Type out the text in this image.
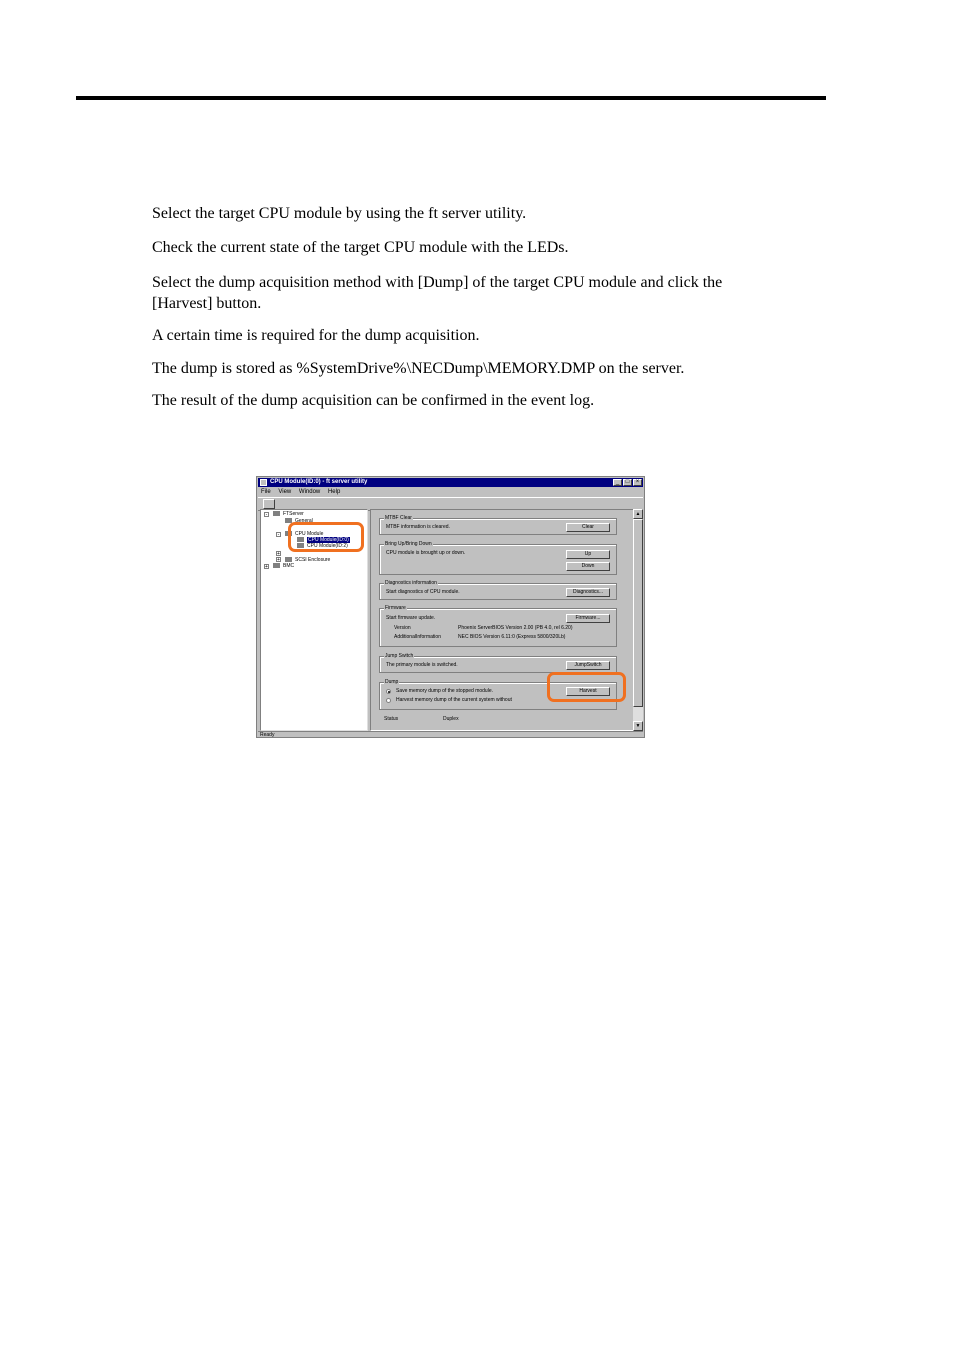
Select the target CPU module by using the ft server utility.
Check the current state of the target CPU module with the LEDs.
Select the dump acquisition method with [Dump] of the target CPU module and click the
[Harvest] button.
A certain time is required for the dump acquisition.
The dump is stored as %SystemDrive%\NECDump\MEMORY.DMP on the server.
The result of the dump acquisition can be confirmed in the event log.
CPU Module(ID:0) - ft server utility	_	□	×
File View Window Help
-	FTServer
General
-	CPU Module
CPU Module(ID:0)
CPU Module(ID:2)
+
+	SCSI Enclosure
+	BMC
MTBF Clear
MTBF information is cleared.	Clear
Bring Up/Bring Down
CPU module is brought up or down.	Up
Down
Diagnostics information
Start diagnostics of CPU module.	Diagnostics...
Firmware
Start firmware update.	Firmware...
Version	Phoenix ServerBIOS Version 2.00 (PB 4.0, rel 6.20)
AdditionalInformation	NEC BIOS Version 6.11:0 (Express 5800/320Lb)
Jump Switch
The primary module is switched.	JumpSwitch
Dump
Save memory dump of the stopped module.
Harvest memory dump of the current system without
Harvest
Status	Duplex
▲
▼
Ready
